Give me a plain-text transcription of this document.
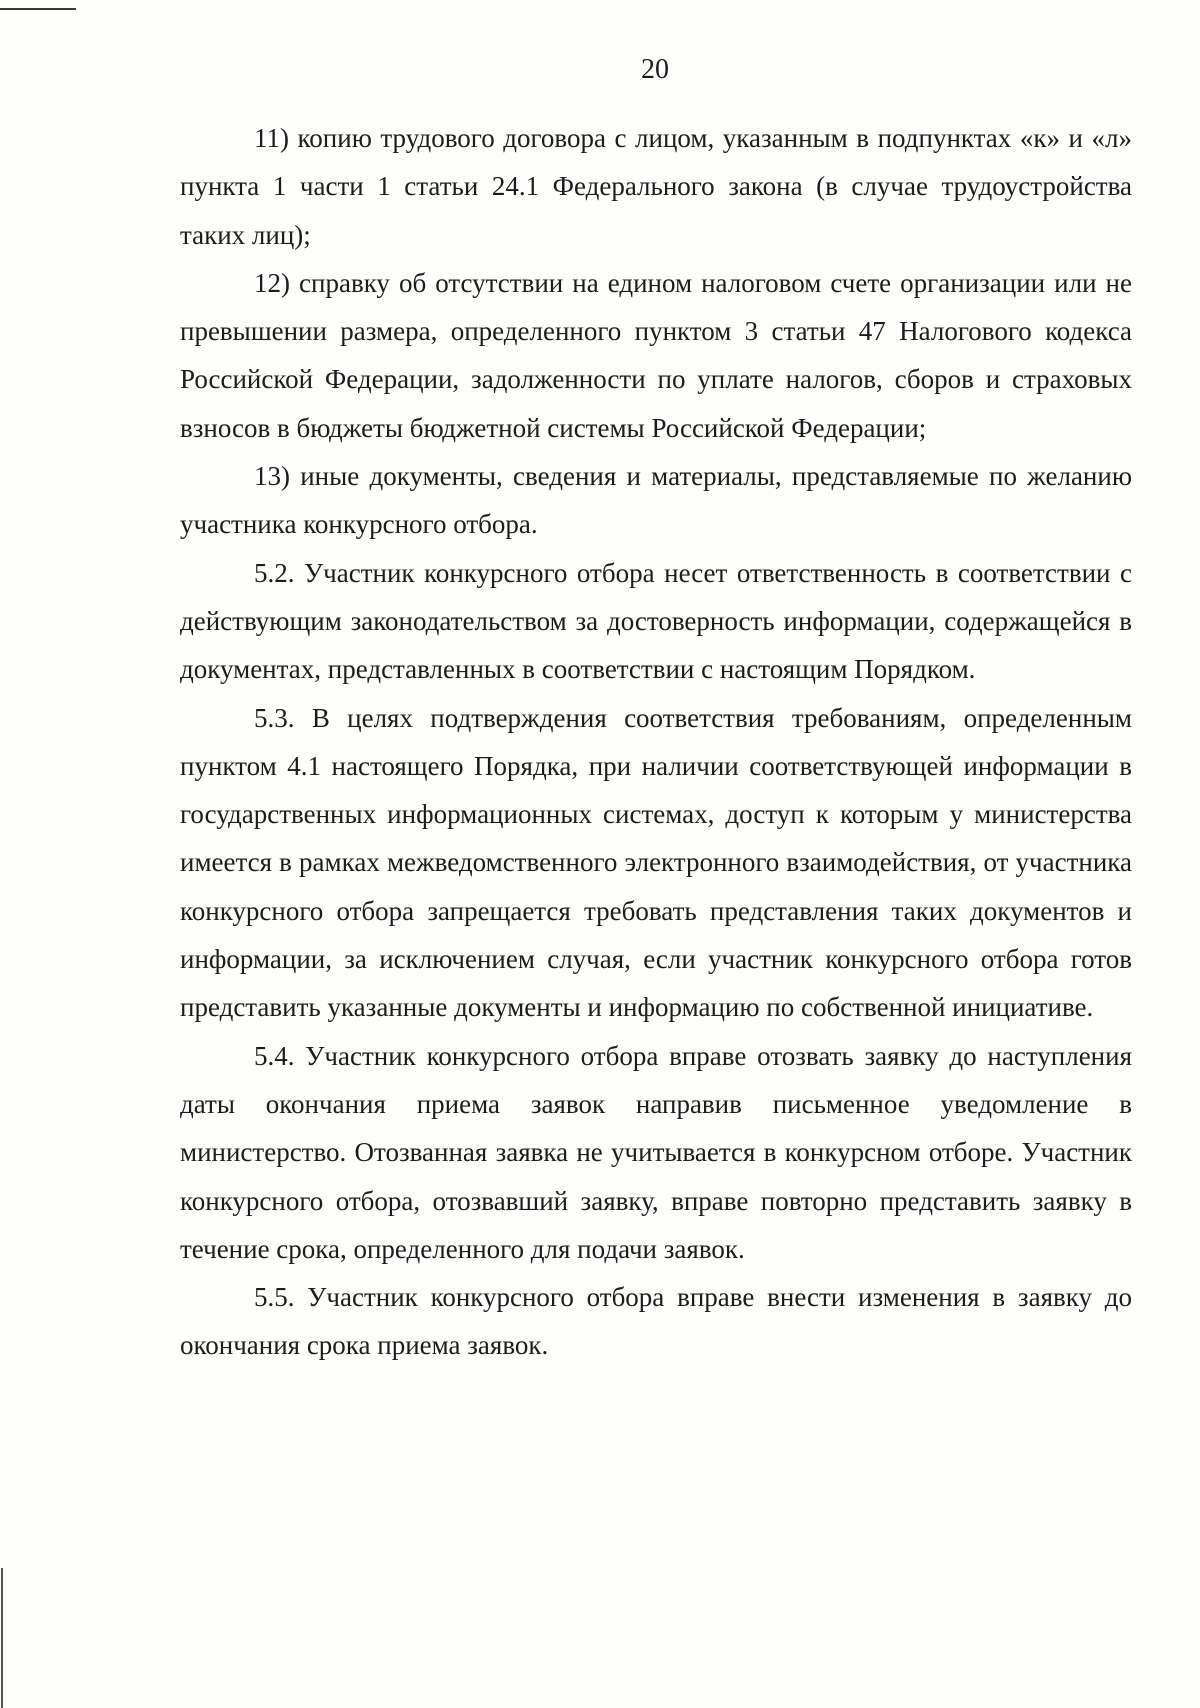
20

11) копию трудового договора с лицом, указанным в подпунктах «к» и «л» пункта 1 части 1 статьи 24.1 Федерального закона (в случае трудоустройства таких лиц);

12) справку об отсутствии на едином налоговом счете организации или не превышении размера, определенного пунктом 3 статьи 47 Налогового кодекса Российской Федерации, задолженности по уплате налогов, сборов и страховых взносов в бюджеты бюджетной системы Российской Федерации;

13) иные документы, сведения и материалы, представляемые по желанию участника конкурсного отбора.

5.2. Участник конкурсного отбора несет ответственность в соответствии с действующим законодательством за достоверность информации, содержащейся в документах, представленных в соответствии с настоящим Порядком.

5.3. В целях подтверждения соответствия требованиям, определенным пунктом 4.1 настоящего Порядка, при наличии соответствующей информации в государственных информационных системах, доступ к которым у министерства имеется в рамках межведомственного электронного взаимодействия, от участника конкурсного отбора запрещается требовать представления таких документов и информации, за исключением случая, если участник конкурсного отбора готов представить указанные документы и информацию по собственной инициативе.

5.4. Участник конкурсного отбора вправе отозвать заявку до наступления даты окончания приема заявок направив письменное уведомление в министерство. Отозванная заявка не учитывается в конкурсном отборе. Участник конкурсного отбора, отозвавший заявку, вправе повторно представить заявку в течение срока, определенного для подачи заявок.

5.5. Участник конкурсного отбора вправе внести изменения в заявку до окончания срока приема заявок.
